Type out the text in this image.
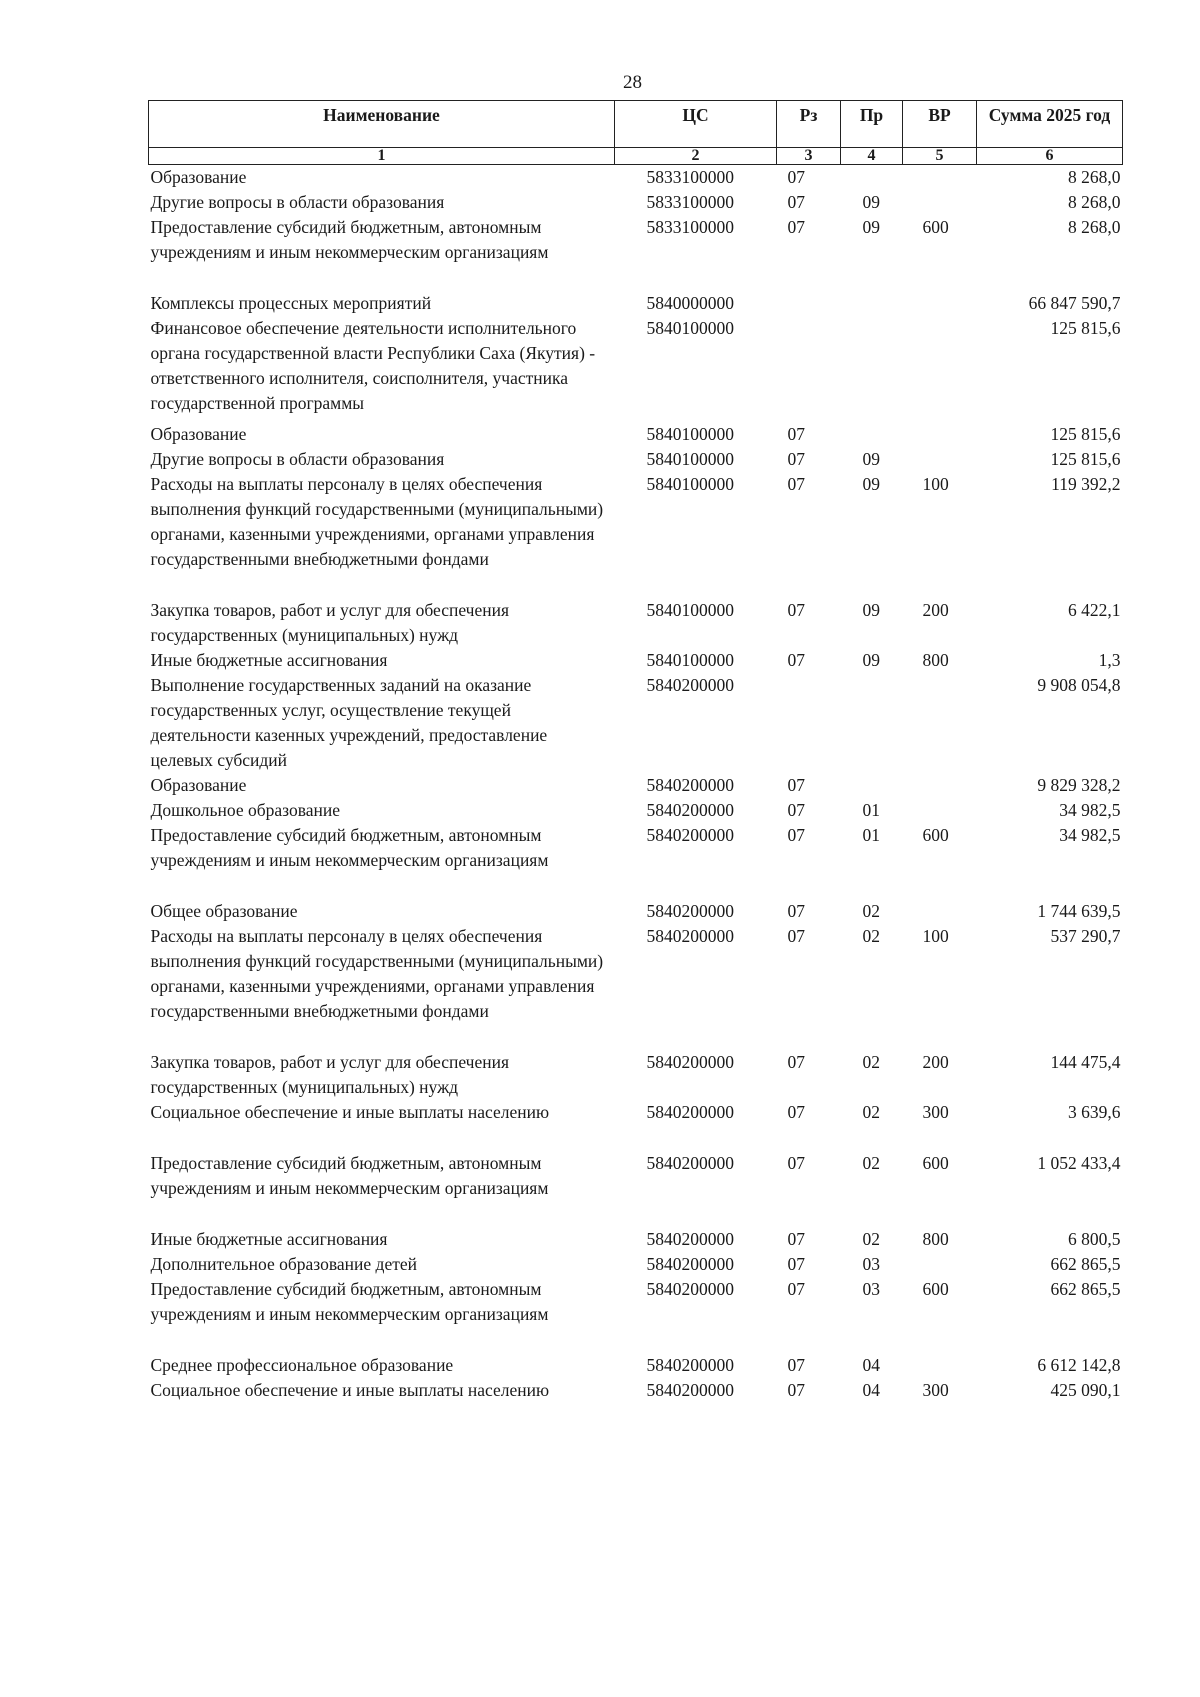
28
Наименование	ЦС	Рз	Пр	ВР	Сумма 2025 год
1	2	3	4	5	6
Образование	5833100000	07			8 268,0
Другие вопросы в области образования	5833100000	07	09		8 268,0
Предоставление субсидий бюджетным, автономным учреждениям и иным некоммерческим организациям	5833100000	07	09	600	8 268,0
Комплексы процессных мероприятий	5840000000				66 847 590,7
Финансовое обеспечение деятельности исполнительного органа государственной власти Республики Саха (Якутия) - ответственного исполнителя, соисполнителя, участника государственной программы	5840100000				125 815,6
Образование	5840100000	07			125 815,6
Другие вопросы в области образования	5840100000	07	09		125 815,6
Расходы на выплаты персоналу в целях обеспечения выполнения функций государственными (муниципальными) органами, казенными учреждениями, органами управления государственными внебюджетными фондами	5840100000	07	09	100	119 392,2
Закупка товаров, работ и услуг для обеспечения государственных (муниципальных) нужд	5840100000	07	09	200	6 422,1
Иные бюджетные ассигнования	5840100000	07	09	800	1,3
Выполнение государственных заданий на оказание государственных услуг, осуществление текущей деятельности казенных учреждений, предоставление целевых субсидий	5840200000				9 908 054,8
Образование	5840200000	07			9 829 328,2
Дошкольное образование	5840200000	07	01		34 982,5
Предоставление субсидий бюджетным, автономным учреждениям и иным некоммерческим организациям	5840200000	07	01	600	34 982,5
Общее образование	5840200000	07	02		1 744 639,5
Расходы на выплаты персоналу в целях обеспечения выполнения функций государственными (муниципальными) органами, казенными учреждениями, органами управления государственными внебюджетными фондами	5840200000	07	02	100	537 290,7
Закупка товаров, работ и услуг для обеспечения государственных (муниципальных) нужд	5840200000	07	02	200	144 475,4
Социальное обеспечение и иные выплаты населению	5840200000	07	02	300	3 639,6
Предоставление субсидий бюджетным, автономным учреждениям и иным некоммерческим организациям	5840200000	07	02	600	1 052 433,4
Иные бюджетные ассигнования	5840200000	07	02	800	6 800,5
Дополнительное образование детей	5840200000	07	03		662 865,5
Предоставление субсидий бюджетным, автономным учреждениям и иным некоммерческим организациям	5840200000	07	03	600	662 865,5
Среднее профессиональное образование	5840200000	07	04		6 612 142,8
Социальное обеспечение и иные выплаты населению	5840200000	07	04	300	425 090,1
